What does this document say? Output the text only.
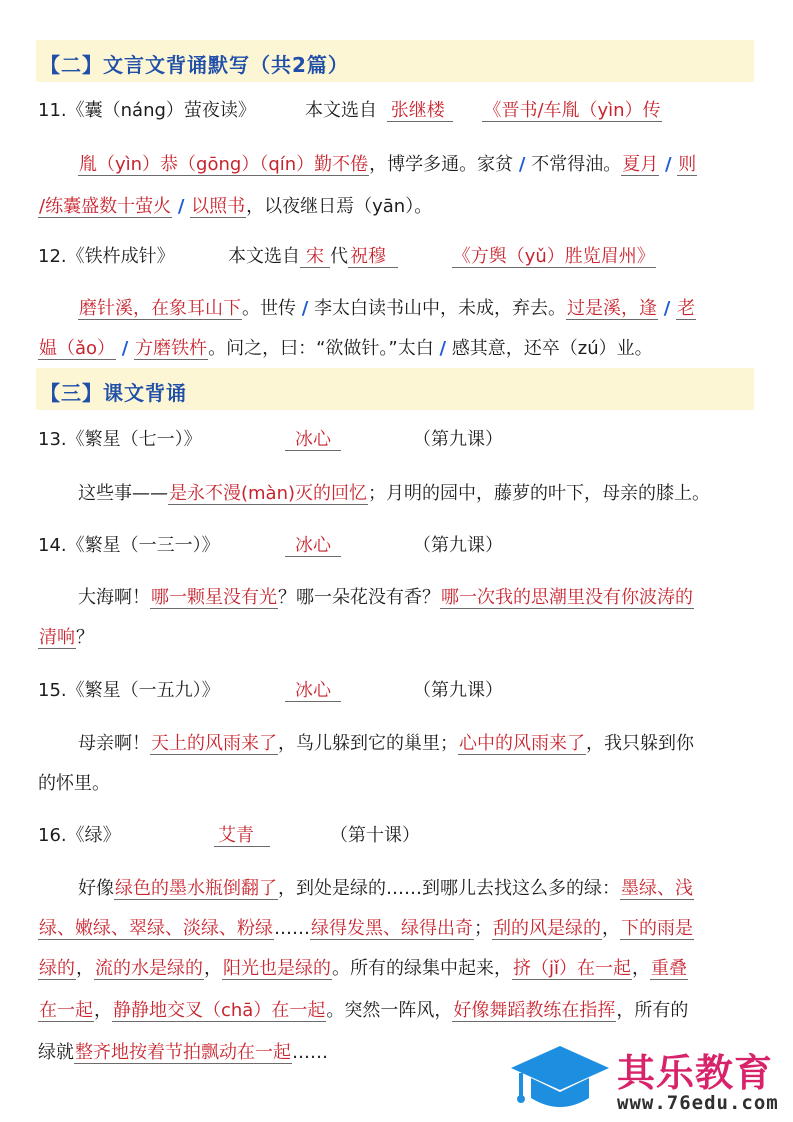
【二】文言文背诵默写（共2篇）
11.《囊（náng）萤夜读》	本文选自 张继楼 《晋书/车胤（yìn）传
胤（yìn）恭（gōng）（qín）勤不倦，博学多通。家贫 / 不常得油。夏月 / 则
/练囊盛数十萤火 / 以照书，以夜继日焉（yān）。
12.《铁杵成针》	本文选自 宋 代 祝穆	《方舆（yǔ）胜览眉州》
磨针溪，在象耳山下。世传 / 李太白读书山中，未成，弃去。过是溪，逢 / 老
媪（ǎo） / 方磨铁杵。问之，曰：“欲做针。”太白 / 感其意，还卒（zú）业。
【三】课文背诵
13.《繁星（七一）》	冰心	（第九课）
这些事——是永不漫(màn)灭的回忆；月明的园中，藤萝的叶下，母亲的膝上。
14.《繁星（一三一）》	冰心	（第九课）
大海啊！哪一颗星没有光？哪一朵花没有香？哪一次我的思潮里没有你波涛的
清响？
15.《繁星（一五九）》	冰心	（第九课）
母亲啊！天上的风雨来了，鸟儿躲到它的巢里；心中的风雨来了，我只躲到你
的怀里。
16.《绿》	艾青	（第十课）
好像绿色的墨水瓶倒翻了，到处是绿的……到哪儿去找这么多的绿：墨绿、浅
绿、嫩绿、翠绿、淡绿、粉绿……绿得发黑、绿得出奇；刮的风是绿的，下的雨是
绿的，流的水是绿的，阳光也是绿的。所有的绿集中起来，挤（jǐ）在一起，重叠
在一起，静静地交叉（chā）在一起。突然一阵风，好像舞蹈教练在指挥，所有的
绿就整齐地按着节拍飘动在一起……	其乐教育
www.76edu.com
